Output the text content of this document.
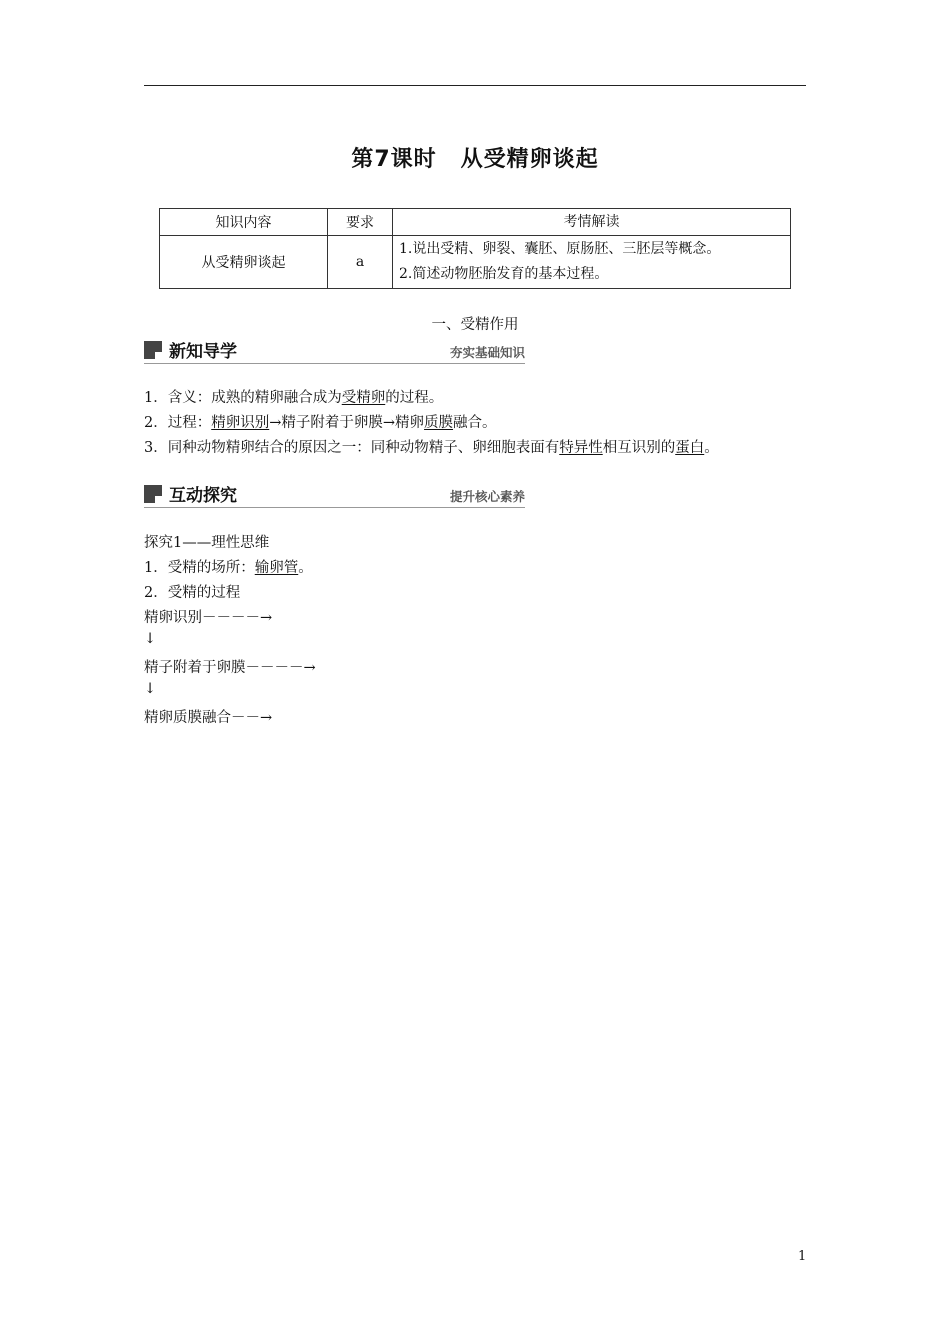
第7课时 从受精卵谈起
知识内容	要求	考情解读
从受精卵谈起	a	1.说出受精、卵裂、囊胚、原肠胚、三胚层等概念。
2.简述动物胚胎发育的基本过程。
一、受精作用
新知导学	夯实基础知识
1．含义：成熟的精卵融合成为受精卵的过程。
2．过程：精卵识别→精子附着于卵膜→精卵质膜融合。
3．同种动物精卵结合的原因之一：同种动物精子、卵细胞表面有特异性相互识别的蛋白。
互动探究	提升核心素养
探究1——理性思维
1．受精的场所：输卵管。
2．受精的过程
精卵识别－－－－→
↓
精子附着于卵膜－－－－→
↓
精卵质膜融合－－→
1
